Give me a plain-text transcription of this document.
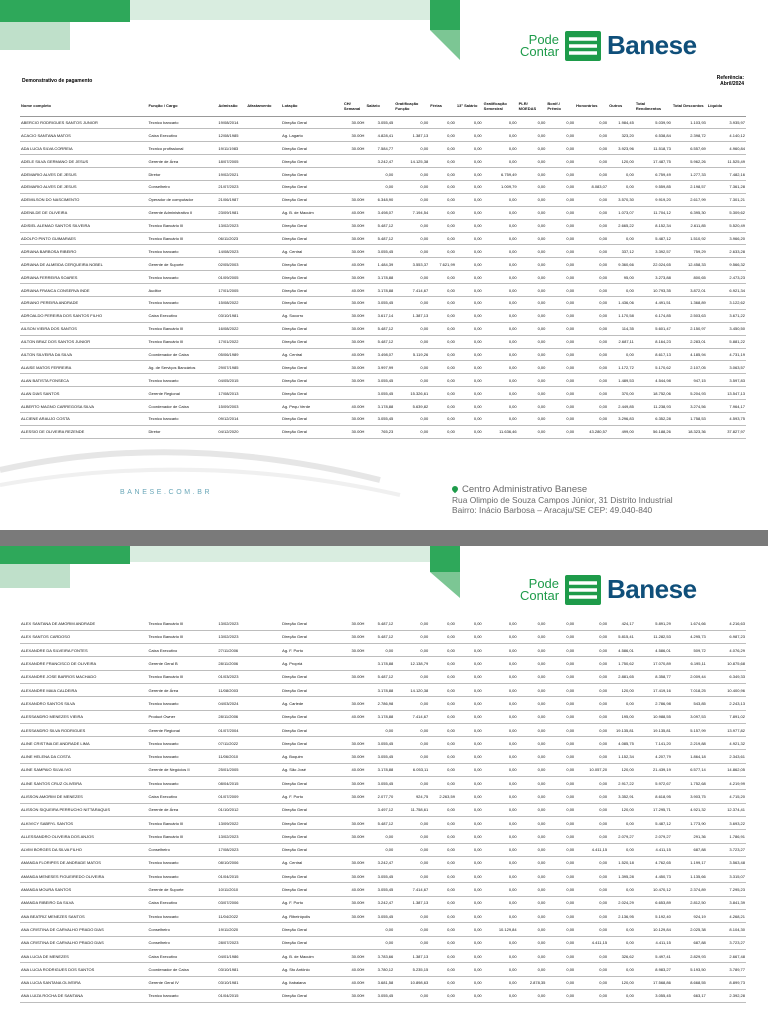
Pode
Contar Banese
Demonstrativo de pagamento	Referência:
Abril/2024
Nome completo	Função / Cargo	Admissão	Afastamento	Lotação	CH/ Semanal	Salário	Gratificação Função	Férias	13° Salário	Gratificação Semestral	PLR/ MOEDAS	Bonif./ Prêmio	Honorários	Outros	Total Rendimentos	Total Descontos	Líquido
ABERCIO RODRIGUES SANTOS JUNIOR	Tecnico bancario	19/08/2014		Direção Geral	30.00H	3.055,45	0,00	0,00	0,00	0,00	0,00	0,00	0,00	1.984,45	5.039,90	1.103,93	3.935,97
ACACIO SANTANA MATOS	Caixa Executivo	12/08/1985		Ag. Lagarto	30.00H	4.828,41	1.387,13	0,00	0,00	0,00	0,00	0,00	0,00	323,20	6.538,84	2.398,72	4.140,12
ADA LUCIA SILVA CORREIA	Tecnico profissional	19/11/1983		Direção Geral	30.00H	7.584,77	0,00	0,00	0,00	0,00	0,00	0,00	0,00	3.923,96	11.518,73	6.557,69	4.960,84
ADELE SILVA GERMANO DE JESUS	Gerente de Área	18/07/2005		Direção Geral		3.242,47	14.125,38	0,00	0,00	0,00	0,00	0,00	0,00	120,00	17.487,75	5.962,26	11.525,49
ADEMARIO ALVES DE JESUS	Diretor	19/02/2021		Direção Geral		0,00	0,00	0,00	0,00	6.759,49	0,00	0,00	0,00	0,00	6.759,49	1.277,33	7.482,16
ADEMARIO ALVES DE JESUS	Conselheiro	21/07/2023		Direção Geral		0,00	0,00	0,00	0,00	1.009,79	0,00	0,00	8.083,07	0,00	9.559,85	2.198,57	7.361,28
ADEMILSON DO NASCIMENTO	Operador de computador	21/06/1987		Direção Geral	30.00H	6.348,90	0,00	0,00	0,00	0,00	0,00	0,00	0,00	3.570,30	9.919,20	2.617,99	7.301,21
ADENILDE DE OLIVEIRA	Gerente Administrativo II	23/09/1981		Ag. B. de Macuim	40.00H	3.498,07	7.194,54	0,00	0,00	0,00	0,00	0,00	0,00	1.073,07	11.704,12	6.395,30	5.309,62
ADISIEL ALEMAO SANTOS SILVEIRA	Tecnico Bancário III	13/02/2023		Direção Geral	30.00H	5.487,12	0,00	0,00	0,00	0,00	0,00	0,00	0,00	2.665,22	8.152,34	2.611,85	5.520,49
ADOLFO PINTO GUIMARAES	Tecnico Bancário III	06/11/2023		Direção Geral	30.00H	5.487,12	0,00	0,00	0,00	0,00	0,00	0,00	0,00	0,00	5.487,12	1.510,92	3.966,20
ADRIANA BARBOSA RIBEIRO	Tecnico bancario	14/08/2023		Ag. Central	30.00H	3.055,45	0,00	0,00	0,00	0,00	0,00	0,00	0,00	337,12	3.392,57	759,29	2.633,28
ADRIANA DE ALMEIDA CERQUEIRA NOBEL	Gerente de Suporte	02/05/2003		Direção Geral	40.00H	1.484,39	3.553,37	7.621,99	0,00	0,00	0,00	0,00	0,00	9.360,66	22.024,65	12.458,33	9.566,32
ADRIANA FERREIRA SOARES	Tecnico bancario	01/09/2005		Direção Geral	30.00H	3.178,88	0,00	0,00	0,00	0,00	0,00	0,00	0,00	95,00	3.273,88	800,65	2.473,23
ADRIANA FRANCA CONSERVA INDE	Auditor	17/01/2005		Direção Geral	40.00H	3.178,88	7.414,67	0,00	0,00	0,00	0,00	0,00	0,00	0,00	10.793,35	3.872,01	6.921,34
ADRIANO PEREIRA ANDRADE	Tecnico bancario	15/08/2022		Direção Geral	30.00H	3.055,45	0,00	0,00	0,00	0,00	0,00	0,00	0,00	1.436,06	4.491,51	1.368,89	3.122,62
ADROALDO PEREIRA DOS SANTOS FILHO	Caixa Executivo	03/10/1981		Ag. Socorro	30.00H	3.617,14	1.387,13	0,00	0,00	0,00	0,00	0,00	0,00	1.170,58	6.174,85	2.503,63	3.671,22
AILSON VIEIRA DOS SANTOS	Tecnico Bancário III	16/08/2022		Direção Geral	30.00H	5.487,12	0,00	0,00	0,00	0,00	0,00	0,00	0,00	114,35	5.601,47	2.150,97	3.450,50
AILTON BRAZ DOS SANTOS JUNIOR	Tecnico Bancário III	17/01/2022		Direção Geral	30.00H	5.487,12	0,00	0,00	0,00	0,00	0,00	0,00	0,00	2.687,11	8.164,23	2.283,01	5.881,22
AILTON SILVEIRA DA SILVA	Coordenador de Caixa	05/06/1989		Ag. Central	40.00H	3.498,07	5.119,26	0,00	0,00	0,00	0,00	0,00	0,00	0,00	8.617,13	4.185,94	4.731,19
ALAISE MATOS FERREIRA	Ag. de Serviços Bancários	29/07/1985		Direção Geral	30.00H	3.997,99	0,00	0,00	0,00	0,00	0,00	0,00	0,00	1.172,72	5.170,62	2.107,05	3.063,57
ALAN BATISTA FONSECA	Tecnico bancario	04/05/2015		Direção Geral	30.00H	3.055,45	0,00	0,00	0,00	0,00	0,00	0,00	0,00	1.489,53	4.544,98	947,15	3.597,83
ALAN DIAS SANTOS	Gerente Regional	17/08/2013		Direção Geral		3.055,45	15.326,61	0,00	0,00	0,00	0,00	0,00	0,00	370,00	18.752,06	5.204,93	13.547,13
ALBERTO MAGNO CARREGOSA SILVA	Coordenador de Caixa	15/09/2003		Ag. Pequ Verde	40.00H	3.178,88	5.639,82	0,00	0,00	0,00	0,00	0,00	0,00	2.449,85	11.238,93	3.274,56	7.964,17
ALCIENE ARAUJO COSTA	Tecnico bancario	09/12/2014		Direção Geral	30.00H	3.055,45	0,00	0,00	0,00	0,00	0,00	0,00	0,00	3.296,83	6.352,28	1.758,53	4.593,75
ALESSIO DE OLIVEIRA REZENDE	Diretor	04/12/2020		Direção Geral	30.00H	765,23	0,00	0,00	0,00	11.636,46	0,00	0,00	43.280,57	499,00	56.188,26	18.323,36	37.827,97
BANESE.COM.BR	Centro Administrativo Banese
Rua Olimpio de Souza Campos Júnior, 31 Distrito Industrial
Bairro: Inácio Barbosa – Aracaju/SE CEP: 49.040-840
Pode
Contar Banese
ALEX SANTANA DE AMORIM ANDRADE	Tecnico Bancário III	13/02/2023		Direção Geral	30.00H	5.487,12	0,00	0,00	0,00	0,00	0,00	0,00	0,00	424,17	5.891,29	1.674,66	4.216,63
ALEX SANTOS CARDOSO	Tecnico Bancário III	13/02/2023		Direção Geral	30.00H	5.487,12	0,00	0,00	0,00	0,00	0,00	0,00	0,00	5.815,41	11.282,53	4.295,73	6.987,23
ALEXANDRE DA SILVEIRA FONTES	Caixa Executivo	27/11/2006		Ag. F. Porto	30.00H	0,00	0,00	0,00	0,00	0,00	0,00	0,00	0,00	4.586,01	4.586,01	509,72	4.076,29
ALEXANDRE FRANCISCO DE OLIVEIRA	Gerente Geral B	28/11/2006		Ag. Propriá		3.178,88	12.138,79	0,00	0,00	0,00	0,00	0,00	0,00	1.750,62	17.070,89	6.195,11	10.875,68
ALEXANDRE JOSE BARROS MACHADO	Tecnico Bancário III	01/03/2023		Direção Geral	30.00H	5.487,12	0,00	0,00	0,00	0,00	0,00	0,00	0,00	2.881,65	8.358,77	2.009,44	6.349,33
ALEXANDRE MAIA CALDEIRA	Gerente de Área	11/08/2003		Direção Geral		3.178,88	14.120,38	0,00	0,00	0,00	0,00	0,00	0,00	120,00	17.419,16	7.018,25	10.400,96
ALEXANDRO SANTOS SILVA	Tecnico bancario	04/03/2024		Ag. Carlede	30.00H	2.786,98	0,00	0,00	0,00	0,00	0,00	0,00	0,00	0,00	2.786,98	543,85	2.243,13
ALESSANDRO MENEZES VIEIRA	Product Owner	28/11/2006		Direção Geral	40.00H	3.178,88	7.414,67	0,00	0,00	0,00	0,00	0,00	0,00	195,00	10.988,55	3.097,53	7.891,02
ALESSANDRO SILVA RODRIGUES	Gerente Regional	01/07/2004		Direção Geral		0,00	0,00	0,00	0,00	0,00	0,00	0,00	0,00	19.135,81	19.135,81	5.157,99	13.977,82
ALINE CRISTINA DE ANDRADE LIMA	Tecnico bancario	07/11/2022		Direção Geral	30.00H	3.055,45	0,00	0,00	0,00	0,00	0,00	0,00	0,00	4.085,75	7.141,20	2.219,88	4.921,32
ALINE HELENA DA COSTA	Tecnico bancario	11/06/2010		Ag. Boquim	30.00H	3.055,45	0,00	0,00	0,00	0,00	0,00	0,00	0,00	1.152,34	4.207,79	1.864,18	2.343,61
ALINE SAMPAIO SILVA IVO	Gerente de Negócios II	25/01/2005		Ag. São José	40.00H	3.178,88	6.053,11	0,00	0,00	0,00	0,00	0,00	10.057,20	120,00	21.439,19	6.577,14	14.862,05
ALINE SANTOS CRUZ OLIVEIRA	Tecnico bancario	08/04/2015		Direção Geral	30.00H	3.055,45	0,00	0,00	0,00	0,00	0,00	0,00	0,00	2.917,22	5.972,67	1.752,68	4.219,99
ALISSON AMORIM DE MENEZES	Caixa Executivo	01/07/2009		Ag. F. Porto	30.00H	2.077,70	924,75	2.263,59	0,00	0,00	0,00	0,00	0,00	3.352,91	8.618,95	3.903,75	4.715,20
ALISSON SIQUEIRA PERRUCHO NITTARAQUIS	Gerente de Área	01/10/2012		Direção Geral		3.497,12	11.758,61	0,00	0,00	0,00	0,00	0,00	0,00	120,00	17.295,71	4.921,32	12.374,41
ALKIVICY SABRYL SANTOS	Tecnico Bancário III	13/09/2022		Direção Geral	30.00H	5.487,12	0,00	0,00	0,00	0,00	0,00	0,00	0,00	0,00	5.487,12	1.773,90	3.693,22
ALLESSANDRO OLIVEIRA DOS ANJOS	Tecnico Bancário III	13/02/2023		Direção Geral	30.00H	0,00	0,00	0,00	0,00	0,00	0,00	0,00	0,00	2.079,27	2.079,27	291,36	1.786,91
ALVIM BORGES DA SILVA FILHO	Conselheiro	17/08/2023		Direção Geral		0,00	0,00	0,00	0,00	0,00	0,00	0,00	4.411,15	0,00	4.411,15	687,88	3.723,27
AMANDA FLORIPES DE ANDRADE MATOS	Tecnico bancario	08/10/2006		Ag. Central	30.00H	3.242,47	0,00	0,00	0,00	0,00	0,00	0,00	0,00	1.520,18	4.762,65	1.199,17	3.563,48
AMANDA MENESES FIGUEIREDO OLIVEIRA	Tecnico bancario	01/04/2015		Direção Geral	30.00H	3.055,45	0,00	0,00	0,00	0,00	0,00	0,00	0,00	1.395,28	4.450,73	1.135,66	3.315,07
AMANDA MOURA SANTOS	Gerente de Suporte	10/11/2010		Direção Geral	40.00H	3.055,45	7.414,67	0,00	0,00	0,00	0,00	0,00	0,00	0,00	10.470,12	2.374,89	7.295,23
AMANDA RIBEIRO DA SILVA	Caixa Executivo	03/07/2006		Ag. F. Porto	30.00H	3.242,47	1.387,13	0,00	0,00	0,00	0,00	0,00	0,00	2.024,29	6.653,89	2.812,50	3.841,39
ANA BEATRIZ MENEZES SANTOS	Tecnico bancario	11/04/2022		Ag. Ribeirópolis	30.00H	3.055,45	0,00	0,00	0,00	0,00	0,00	0,00	0,00	2.136,95	5.192,40	924,19	4.268,21
ANA CRISTINA DE CARVALHO PRADO DIAS	Conselheiro	19/11/2020		Direção Geral		0,00	0,00	0,00	0,00	10.129,84	0,00	0,00	0,00	0,00	10.129,84	2.025,38	8.104,30
ANA CRISTINA DE CARVALHO PRADO DIAS	Conselheiro	28/07/2023		Direção Geral		0,00	0,00	0,00	0,00	0,00	0,00	0,00	4.411,15	0,00	4.411,15	687,88	3.723,27
ANA LUCIA DE MENEZES	Caixa Executivo	04/01/1986		Ag. B. de Macuim	30.00H	3.783,66	1.387,13	0,00	0,00	0,00	0,00	0,00	0,00	326,62	5.497,41	2.829,93	2.667,48
ANA LUCIA RODRIGUES DOS SANTOS	Coordenador de Caixa	03/10/1981		Ag. Sto Antônio	40.00H	3.780,12	5.235,15	0,00	0,00	0,00	0,00	0,00	0,00	0,00	8.983,27	5.193,50	3.789,77
ANA LUCIA SANTANA OLIVEIRA	Gerente Geral IV	03/10/1981		Ag. Itabaiana	40.00H	3.681,58	10.898,63	0,00	0,00	0,00	2.878,35	0,00	0,00	120,00	17.568,86	8.668,55	8.899,73
ANA LUIZA ROCHA DE SANTANA	Tecnico bancario	01/04/2015		Direção Geral	30.00H	3.055,45	0,00	0,00	0,00	0,00	0,00	0,00	0,00	0,00	3.055,45	663,17	2.392,28
